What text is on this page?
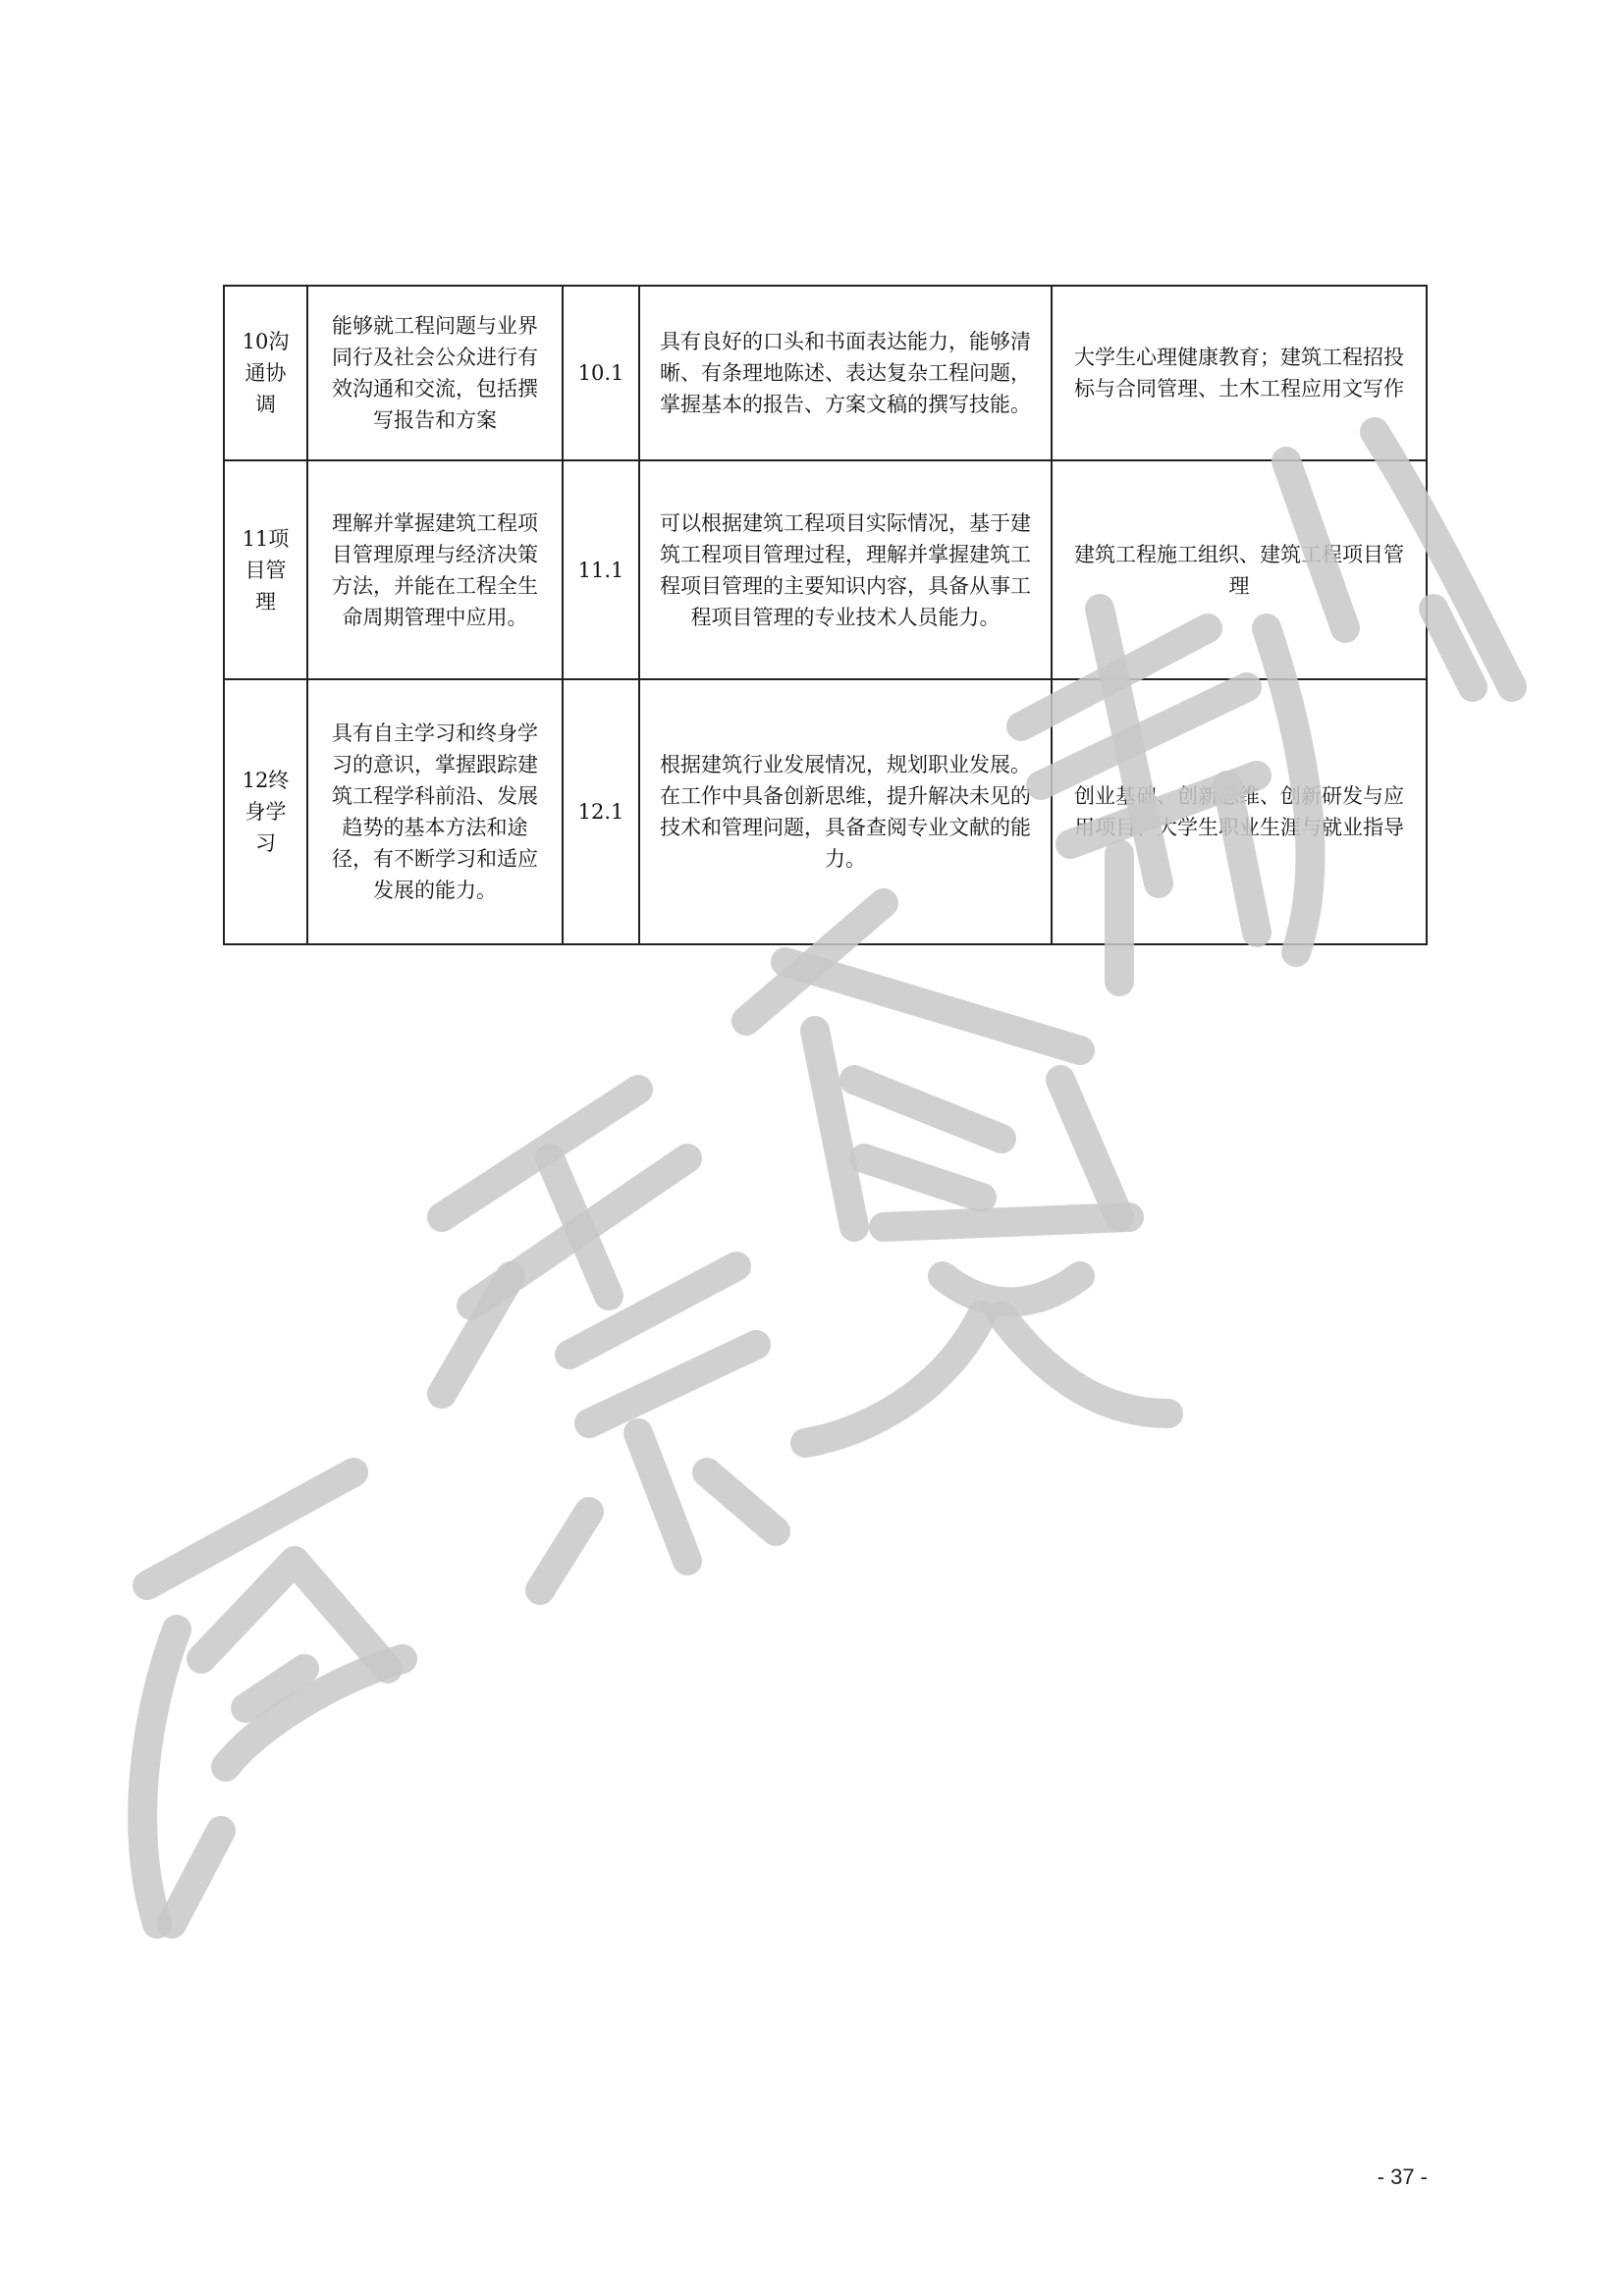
10沟通协调	能够就工程问题与业界同行及社会公众进行有效沟通和交流，包括撰写报告和方案	10.1	具有良好的口头和书面表达能力，能够清晰、有条理地陈述、表达复杂工程问题，掌握基本的报告、方案文稿的撰写技能。	大学生心理健康教育；建筑工程招投标与合同管理、土木工程应用文写作

11项目管理	理解并掌握建筑工程项目管理原理与经济决策方法，并能在工程全生命周期管理中应用。	11.1	可以根据建筑工程项目实际情况，基于建筑工程项目管理过程，理解并掌握建筑工程项目管理的主要知识内容，具备从事工程项目管理的专业技术人员能力。	建筑工程施工组织、建筑工程项目管理

12终身学习	具有自主学习和终身学习的意识，掌握跟踪建筑工程学科前沿、发展趋势的基本方法和途径，有不断学习和适应发展的能力。	12.1	根据建筑行业发展情况，规划职业发展。在工作中具备创新思维，提升解决未见的技术和管理问题，具备查阅专业文献的能力。	创业基础、创新思维、创新研发与应用项目、大学生职业生涯与就业指导
- 37 -
